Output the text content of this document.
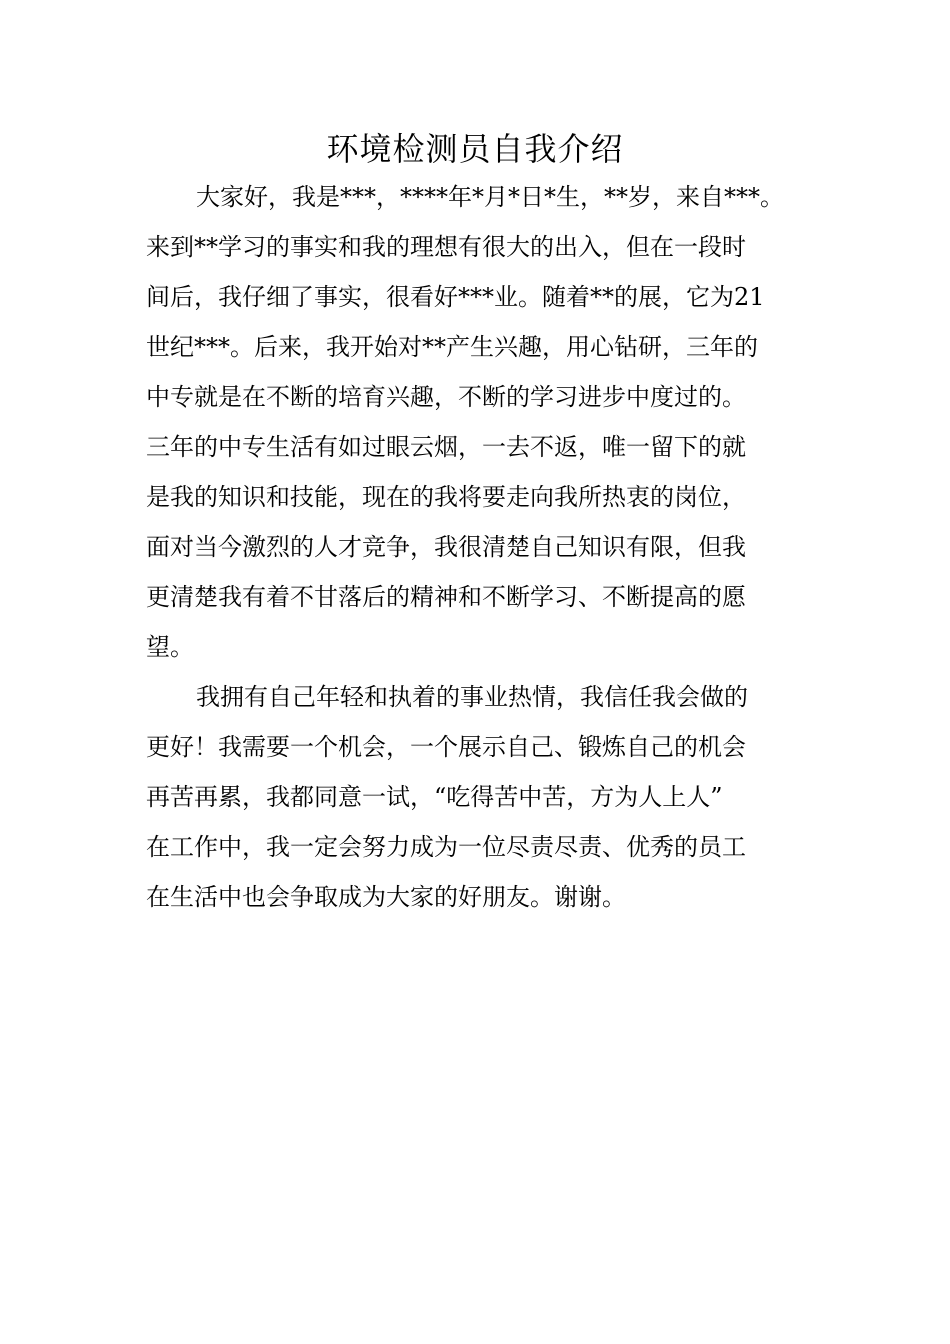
环境检测员自我介绍

大家好，我是***，****年*月*日*生，**岁，来自***。

来到**学习的事实和我的理想有很大的出入，但在一段时

间后，我仔细了事实，很看好***业。随着**的展，它为21

世纪***。后来，我开始对**产生兴趣，用心钻研，三年的

中专就是在不断的培育兴趣，不断的学习进步中度过的。

三年的中专生活有如过眼云烟，一去不返，唯一留下的就

是我的知识和技能，现在的我将要走向我所热衷的岗位，

面对当今激烈的人才竞争，我很清楚自己知识有限，但我

更清楚我有着不甘落后的精神和不断学习、不断提高的愿

望。

我拥有自己年轻和执着的事业热情，我信任我会做的

更好！我需要一个机会，一个展示自己、锻炼自己的机会

再苦再累，我都同意一试，“吃得苦中苦，方为人上人”

在工作中，我一定会努力成为一位尽责尽责、优秀的员工

在生活中也会争取成为大家的好朋友。谢谢。
